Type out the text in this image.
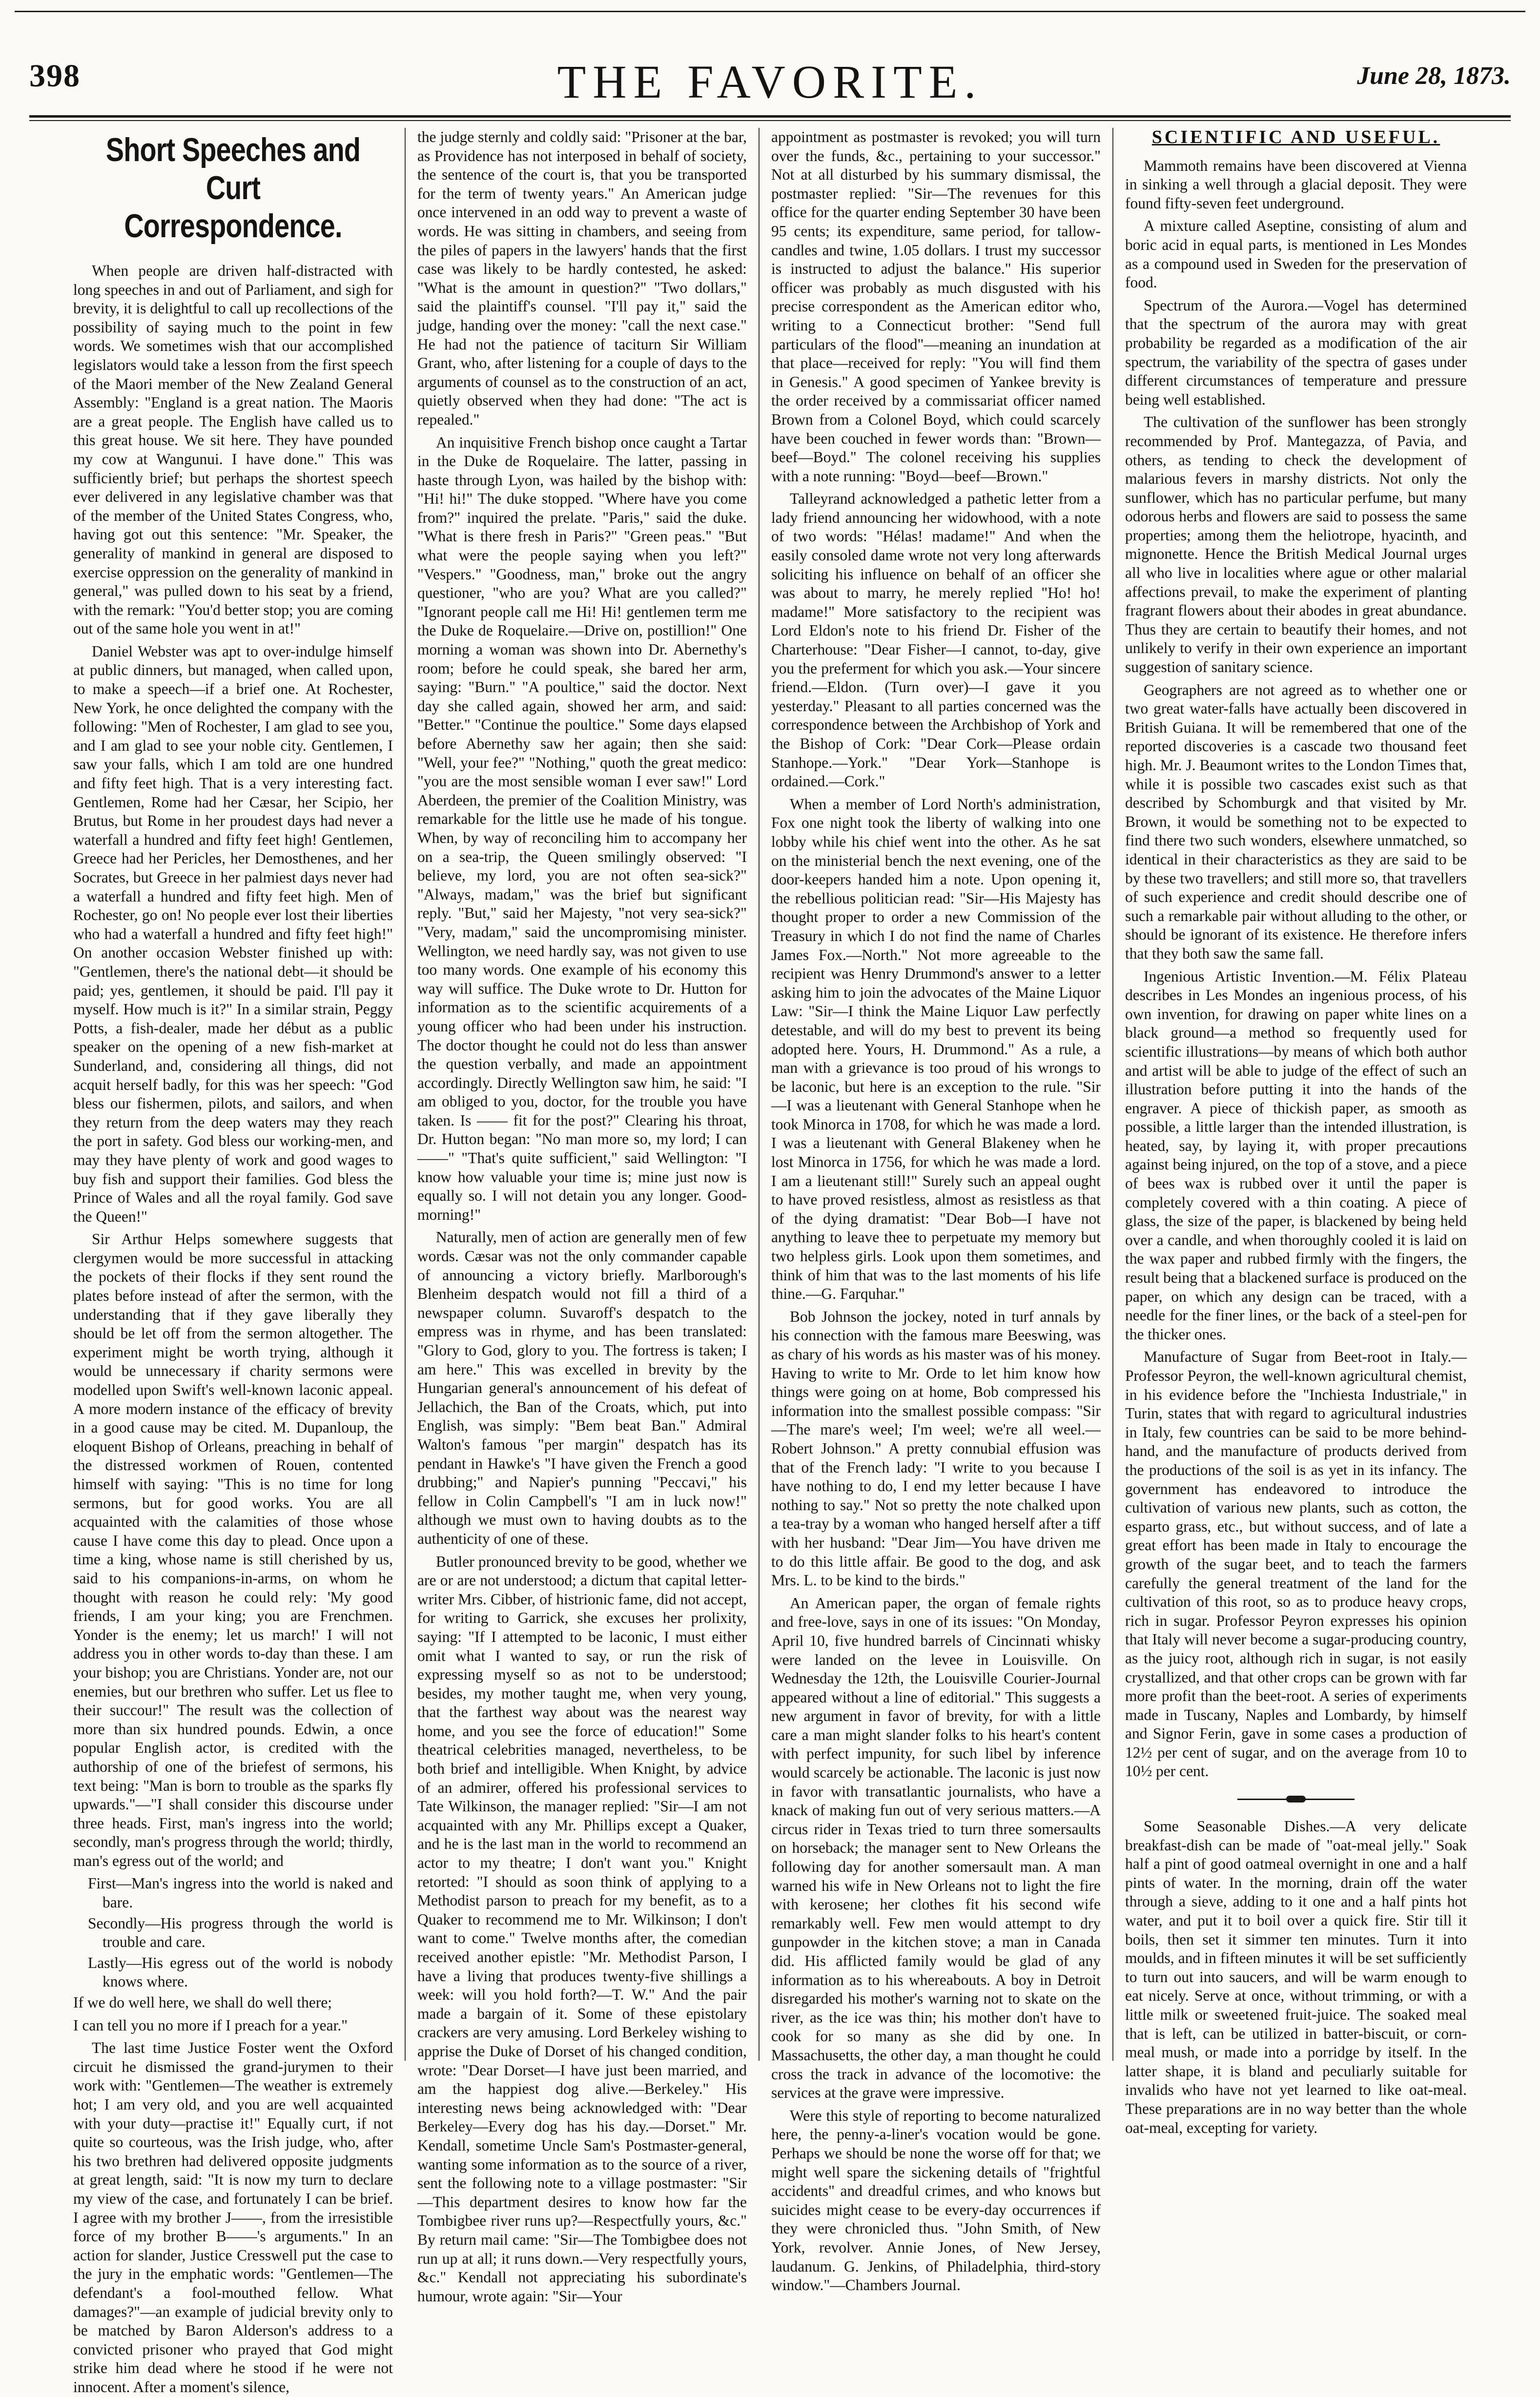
398	THE FAVORITE.	June 28, 1873.
Short Speeches and Curt Correspondence.

When people are driven half-distracted with long speeches in and out of Parliament, and sigh for brevity, it is delightful to call up recollections of the possibility of saying much to the point in few words. We sometimes wish that our accomplished legislators would take a lesson from the first speech of the Maori member of the New Zealand General Assembly: "England is a great nation. The Maoris are a great people. The English have called us to this great house. We sit here. They have pounded my cow at Wangunui. I have done." This was sufficiently brief; but perhaps the shortest speech ever delivered in any legislative chamber was that of the member of the United States Congress, who, having got out this sentence: "Mr. Speaker, the generality of mankind in general are disposed to exercise oppression on the generality of mankind in general," was pulled down to his seat by a friend, with the remark: "You'd better stop; you are coming out of the same hole you went in at!"

Daniel Webster was apt to over-indulge himself at public dinners, but managed, when called upon, to make a speech—if a brief one. At Rochester, New York, he once delighted the company with the following: "Men of Rochester, I am glad to see you, and I am glad to see your noble city. Gentlemen, I saw your falls, which I am told are one hundred and fifty feet high. That is a very interesting fact. Gentlemen, Rome had her Cæsar, her Scipio, her Brutus, but Rome in her proudest days had never a waterfall a hundred and fifty feet high! Gentlemen, Greece had her Pericles, her Demosthenes, and her Socrates, but Greece in her palmiest days never had a waterfall a hundred and fifty feet high. Men of Rochester, go on! No people ever lost their liberties who had a waterfall a hundred and fifty feet high!" On another occasion Webster finished up with: "Gentlemen, there's the national debt—it should be paid; yes, gentlemen, it should be paid. I'll pay it myself. How much is it?" In a similar strain, Peggy Potts, a fish-dealer, made her début as a public speaker on the opening of a new fish-market at Sunderland, and, considering all things, did not acquit herself badly, for this was her speech: "God bless our fishermen, pilots, and sailors, and when they return from the deep waters may they reach the port in safety. God bless our working-men, and may they have plenty of work and good wages to buy fish and support their families. God bless the Prince of Wales and all the royal family. God save the Queen!"

Sir Arthur Helps somewhere suggests that clergymen would be more successful in attacking the pockets of their flocks if they sent round the plates before instead of after the sermon, with the understanding that if they gave liberally they should be let off from the sermon altogether. The experiment might be worth trying, although it would be unnecessary if charity sermons were modelled upon Swift's well-known laconic appeal. A more modern instance of the efficacy of brevity in a good cause may be cited. M. Dupanloup, the eloquent Bishop of Orleans, preaching in behalf of the distressed workmen of Rouen, contented himself with saying: "This is no time for long sermons, but for good works. You are all acquainted with the calamities of those whose cause I have come this day to plead. Once upon a time a king, whose name is still cherished by us, said to his companions-in-arms, on whom he thought with reason he could rely: 'My good friends, I am your king; you are Frenchmen. Yonder is the enemy; let us march!' I will not address you in other words to-day than these. I am your bishop; you are Christians. Yonder are, not our enemies, but our brethren who suffer. Let us flee to their succour!" The result was the collection of more than six hundred pounds. Edwin, a once popular English actor, is credited with the authorship of one of the briefest of sermons, his text being: "Man is born to trouble as the sparks fly upwards."—"I shall consider this discourse under three heads. First, man's ingress into the world; secondly, man's progress through the world; thirdly, man's egress out of the world; and

First—Man's ingress into the world is naked and bare.

Secondly—His progress through the world is trouble and care.

Lastly—His egress out of the world is nobody knows where.

If we do well here, we shall do well there;

I can tell you no more if I preach for a year."

The last time Justice Foster went the Oxford circuit he dismissed the grand-jurymen to their work with: "Gentlemen—The weather is extremely hot; I am very old, and you are well acquainted with your duty—practise it!" Equally curt, if not quite so courteous, was the Irish judge, who, after his two brethren had delivered opposite judgments at great length, said: "It is now my turn to declare my view of the case, and fortunately I can be brief. I agree with my brother J——, from the irresistible force of my brother B——'s arguments." In an action for slander, Justice Cresswell put the case to the jury in the emphatic words: "Gentlemen—The defendant's a fool-mouthed fellow. What damages?"—an example of judicial brevity only to be matched by Baron Alderson's address to a convicted prisoner who prayed that God might strike him dead where he stood if he were not innocent. After a moment's silence,

the judge sternly and coldly said: "Prisoner at the bar, as Providence has not interposed in behalf of society, the sentence of the court is, that you be transported for the term of twenty years." An American judge once intervened in an odd way to prevent a waste of words. He was sitting in chambers, and seeing from the piles of papers in the lawyers' hands that the first case was likely to be hardly contested, he asked: "What is the amount in question?" "Two dollars," said the plaintiff's counsel. "I'll pay it," said the judge, handing over the money: "call the next case." He had not the patience of taciturn Sir William Grant, who, after listening for a couple of days to the arguments of counsel as to the construction of an act, quietly observed when they had done: "The act is repealed."

An inquisitive French bishop once caught a Tartar in the Duke de Roquelaire. The latter, passing in haste through Lyon, was hailed by the bishop with: "Hi! hi!" The duke stopped. "Where have you come from?" inquired the prelate. "Paris," said the duke. "What is there fresh in Paris?" "Green peas." "But what were the people saying when you left?" "Vespers." "Goodness, man," broke out the angry questioner, "who are you? What are you called?" "Ignorant people call me Hi! Hi! gentlemen term me the Duke de Roquelaire.—Drive on, postillion!" One morning a woman was shown into Dr. Abernethy's room; before he could speak, she bared her arm, saying: "Burn." "A poultice," said the doctor. Next day she called again, showed her arm, and said: "Better." "Continue the poultice." Some days elapsed before Abernethy saw her again; then she said: "Well, your fee?" "Nothing," quoth the great medico: "you are the most sensible woman I ever saw!" Lord Aberdeen, the premier of the Coalition Ministry, was remarkable for the little use he made of his tongue. When, by way of reconciling him to accompany her on a sea-trip, the Queen smilingly observed: "I believe, my lord, you are not often sea-sick?" "Always, madam," was the brief but significant reply. "But," said her Majesty, "not very sea-sick?" "Very, madam," said the uncompromising minister. Wellington, we need hardly say, was not given to use too many words. One example of his economy this way will suffice. The Duke wrote to Dr. Hutton for information as to the scientific acquirements of a young officer who had been under his instruction. The doctor thought he could not do less than answer the question verbally, and made an appointment accordingly. Directly Wellington saw him, he said: "I am obliged to you, doctor, for the trouble you have taken. Is —— fit for the post?" Clearing his throat, Dr. Hutton began: "No man more so, my lord; I can ——" "That's quite sufficient," said Wellington: "I know how valuable your time is; mine just now is equally so. I will not detain you any longer. Good-morning!"

Naturally, men of action are generally men of few words. Cæsar was not the only commander capable of announcing a victory briefly. Marlborough's Blenheim despatch would not fill a third of a newspaper column. Suvaroff's despatch to the empress was in rhyme, and has been translated: "Glory to God, glory to you. The fortress is taken; I am here." This was excelled in brevity by the Hungarian general's announcement of his defeat of Jellachich, the Ban of the Croats, which, put into English, was simply: "Bem beat Ban." Admiral Walton's famous "per margin" despatch has its pendant in Hawke's "I have given the French a good drubbing;" and Napier's punning "Peccavi," his fellow in Colin Campbell's "I am in luck now!" although we must own to having doubts as to the authenticity of one of these.

Butler pronounced brevity to be good, whether we are or are not understood; a dictum that capital letter-writer Mrs. Cibber, of histrionic fame, did not accept, for writing to Garrick, she excuses her prolixity, saying: "If I attempted to be laconic, I must either omit what I wanted to say, or run the risk of expressing myself so as not to be understood; besides, my mother taught me, when very young, that the farthest way about was the nearest way home, and you see the force of education!" Some theatrical celebrities managed, nevertheless, to be both brief and intelligible. When Knight, by advice of an admirer, offered his professional services to Tate Wilkinson, the manager replied: "Sir—I am not acquainted with any Mr. Phillips except a Quaker, and he is the last man in the world to recommend an actor to my theatre; I don't want you." Knight retorted: "I should as soon think of applying to a Methodist parson to preach for my benefit, as to a Quaker to recommend me to Mr. Wilkinson; I don't want to come." Twelve months after, the comedian received another epistle: "Mr. Methodist Parson, I have a living that produces twenty-five shillings a week: will you hold forth?—T. W." And the pair made a bargain of it. Some of these epistolary crackers are very amusing. Lord Berkeley wishing to apprise the Duke of Dorset of his changed condition, wrote: "Dear Dorset—I have just been married, and am the happiest dog alive.—Berkeley." His interesting news being acknowledged with: "Dear Berkeley—Every dog has his day.—Dorset." Mr. Kendall, sometime Uncle Sam's Postmaster-general, wanting some information as to the source of a river, sent the following note to a village postmaster: "Sir—This department desires to know how far the Tombigbee river runs up?—Respectfully yours, &c." By return mail came: "Sir—The Tombigbee does not run up at all; it runs down.—Very respectfully yours, &c." Kendall not appreciating his subordinate's humour, wrote again: "Sir—Your

appointment as postmaster is revoked; you will turn over the funds, &c., pertaining to your successor." Not at all disturbed by his summary dismissal, the postmaster replied: "Sir—The revenues for this office for the quarter ending September 30 have been 95 cents; its expenditure, same period, for tallow-candles and twine, 1.05 dollars. I trust my successor is instructed to adjust the balance." His superior officer was probably as much disgusted with his precise correspondent as the American editor who, writing to a Connecticut brother: "Send full particulars of the flood"—meaning an inundation at that place—received for reply: "You will find them in Genesis." A good specimen of Yankee brevity is the order received by a commissariat officer named Brown from a Colonel Boyd, which could scarcely have been couched in fewer words than: "Brown—beef—Boyd." The colonel receiving his supplies with a note running: "Boyd—beef—Brown."

Talleyrand acknowledged a pathetic letter from a lady friend announcing her widowhood, with a note of two words: "Hélas! madame!" And when the easily consoled dame wrote not very long afterwards soliciting his influence on behalf of an officer she was about to marry, he merely replied "Ho! ho! madame!" More satisfactory to the recipient was Lord Eldon's note to his friend Dr. Fisher of the Charterhouse: "Dear Fisher—I cannot, to-day, give you the preferment for which you ask.—Your sincere friend.—Eldon. (Turn over)—I gave it you yesterday." Pleasant to all parties concerned was the correspondence between the Archbishop of York and the Bishop of Cork: "Dear Cork—Please ordain Stanhope.—York." "Dear York—Stanhope is ordained.—Cork."

When a member of Lord North's administration, Fox one night took the liberty of walking into one lobby while his chief went into the other. As he sat on the ministerial bench the next evening, one of the door-keepers handed him a note. Upon opening it, the rebellious politician read: "Sir—His Majesty has thought proper to order a new Commission of the Treasury in which I do not find the name of Charles James Fox.—North." Not more agreeable to the recipient was Henry Drummond's answer to a letter asking him to join the advocates of the Maine Liquor Law: "Sir—I think the Maine Liquor Law perfectly detestable, and will do my best to prevent its being adopted here. Yours, H. Drummond." As a rule, a man with a grievance is too proud of his wrongs to be laconic, but here is an exception to the rule. "Sir—I was a lieutenant with General Stanhope when he took Minorca in 1708, for which he was made a lord. I was a lieutenant with General Blakeney when he lost Minorca in 1756, for which he was made a lord. I am a lieutenant still!" Surely such an appeal ought to have proved resistless, almost as resistless as that of the dying dramatist: "Dear Bob—I have not anything to leave thee to perpetuate my memory but two helpless girls. Look upon them sometimes, and think of him that was to the last moments of his life thine.—G. Farquhar."

Bob Johnson the jockey, noted in turf annals by his connection with the famous mare Beeswing, was as chary of his words as his master was of his money. Having to write to Mr. Orde to let him know how things were going on at home, Bob compressed his information into the smallest possible compass: "Sir—The mare's weel; I'm weel; we're all weel.—Robert Johnson." A pretty connubial effusion was that of the French lady: "I write to you because I have nothing to do, I end my letter because I have nothing to say." Not so pretty the note chalked upon a tea-tray by a woman who hanged herself after a tiff with her husband: "Dear Jim—You have driven me to do this little affair. Be good to the dog, and ask Mrs. L. to be kind to the birds."

An American paper, the organ of female rights and free-love, says in one of its issues: "On Monday, April 10, five hundred barrels of Cincinnati whisky were landed on the levee in Louisville. On Wednesday the 12th, the Louisville Courier-Journal appeared without a line of editorial." This suggests a new argument in favor of brevity, for with a little care a man might slander folks to his heart's content with perfect impunity, for such libel by inference would scarcely be actionable. The laconic is just now in favor with transatlantic journalists, who have a knack of making fun out of very serious matters.—A circus rider in Texas tried to turn three somersaults on horseback; the manager sent to New Orleans the following day for another somersault man. A man warned his wife in New Orleans not to light the fire with kerosene; her clothes fit his second wife remarkably well. Few men would attempt to dry gunpowder in the kitchen stove; a man in Canada did. His afflicted family would be glad of any information as to his whereabouts. A boy in Detroit disregarded his mother's warning not to skate on the river, as the ice was thin; his mother don't have to cook for so many as she did by one. In Massachusetts, the other day, a man thought he could cross the track in advance of the locomotive: the services at the grave were impressive.

Were this style of reporting to become naturalized here, the penny-a-liner's vocation would be gone. Perhaps we should be none the worse off for that; we might well spare the sickening details of "frightful accidents" and dreadful crimes, and who knows but suicides might cease to be every-day occurrences if they were chronicled thus. "John Smith, of New York, revolver. Annie Jones, of New Jersey, laudanum. G. Jenkins, of Philadelphia, third-story window."—Chambers Journal.

SCIENTIFIC AND USEFUL.

Mammoth remains have been discovered at Vienna in sinking a well through a glacial deposit. They were found fifty-seven feet underground.

A mixture called Aseptine, consisting of alum and boric acid in equal parts, is mentioned in Les Mondes as a compound used in Sweden for the preservation of food.

Spectrum of the Aurora.—Vogel has determined that the spectrum of the aurora may with great probability be regarded as a modification of the air spectrum, the variability of the spectra of gases under different circumstances of temperature and pressure being well established.

The cultivation of the sunflower has been strongly recommended by Prof. Mantegazza, of Pavia, and others, as tending to check the development of malarious fevers in marshy districts. Not only the sunflower, which has no particular perfume, but many odorous herbs and flowers are said to possess the same properties; among them the heliotrope, hyacinth, and mignonette. Hence the British Medical Journal urges all who live in localities where ague or other malarial affections prevail, to make the experiment of planting fragrant flowers about their abodes in great abundance. Thus they are certain to beautify their homes, and not unlikely to verify in their own experience an important suggestion of sanitary science.

Geographers are not agreed as to whether one or two great water-falls have actually been discovered in British Guiana. It will be remembered that one of the reported discoveries is a cascade two thousand feet high. Mr. J. Beaumont writes to the London Times that, while it is possible two cascades exist such as that described by Schomburgk and that visited by Mr. Brown, it would be something not to be expected to find there two such wonders, elsewhere unmatched, so identical in their characteristics as they are said to be by these two travellers; and still more so, that travellers of such experience and credit should describe one of such a remarkable pair without alluding to the other, or should be ignorant of its existence. He therefore infers that they both saw the same fall.

Ingenious Artistic Invention.—M. Félix Plateau describes in Les Mondes an ingenious process, of his own invention, for drawing on paper white lines on a black ground—a method so frequently used for scientific illustrations—by means of which both author and artist will be able to judge of the effect of such an illustration before putting it into the hands of the engraver. A piece of thickish paper, as smooth as possible, a little larger than the intended illustration, is heated, say, by laying it, with proper precautions against being injured, on the top of a stove, and a piece of bees wax is rubbed over it until the paper is completely covered with a thin coating. A piece of glass, the size of the paper, is blackened by being held over a candle, and when thoroughly cooled it is laid on the wax paper and rubbed firmly with the fingers, the result being that a blackened surface is produced on the paper, on which any design can be traced, with a needle for the finer lines, or the back of a steel-pen for the thicker ones.

Manufacture of Sugar from Beet-root in Italy.—Professor Peyron, the well-known agricultural chemist, in his evidence before the "Inchiesta Industriale," in Turin, states that with regard to agricultural industries in Italy, few countries can be said to be more behind-hand, and the manufacture of products derived from the productions of the soil is as yet in its infancy. The government has endeavored to introduce the cultivation of various new plants, such as cotton, the esparto grass, etc., but without success, and of late a great effort has been made in Italy to encourage the growth of the sugar beet, and to teach the farmers carefully the general treatment of the land for the cultivation of this root, so as to produce heavy crops, rich in sugar. Professor Peyron expresses his opinion that Italy will never become a sugar-producing country, as the juicy root, although rich in sugar, is not easily crystallized, and that other crops can be grown with far more profit than the beet-root. A series of experiments made in Tuscany, Naples and Lombardy, by himself and Signor Ferin, gave in some cases a production of 12½ per cent of sugar, and on the average from 10 to 10½ per cent.

Some Seasonable Dishes.—A very delicate breakfast-dish can be made of "oat-meal jelly." Soak half a pint of good oatmeal overnight in one and a half pints of water. In the morning, drain off the water through a sieve, adding to it one and a half pints hot water, and put it to boil over a quick fire. Stir till it boils, then set it simmer ten minutes. Turn it into moulds, and in fifteen minutes it will be set sufficiently to turn out into saucers, and will be warm enough to eat nicely. Serve at once, without trimming, or with a little milk or sweetened fruit-juice. The soaked meal that is left, can be utilized in batter-biscuit, or corn-meal mush, or made into a porridge by itself. In the latter shape, it is bland and peculiarly suitable for invalids who have not yet learned to like oat-meal. These preparations are in no way better than the whole oat-meal, excepting for variety.
